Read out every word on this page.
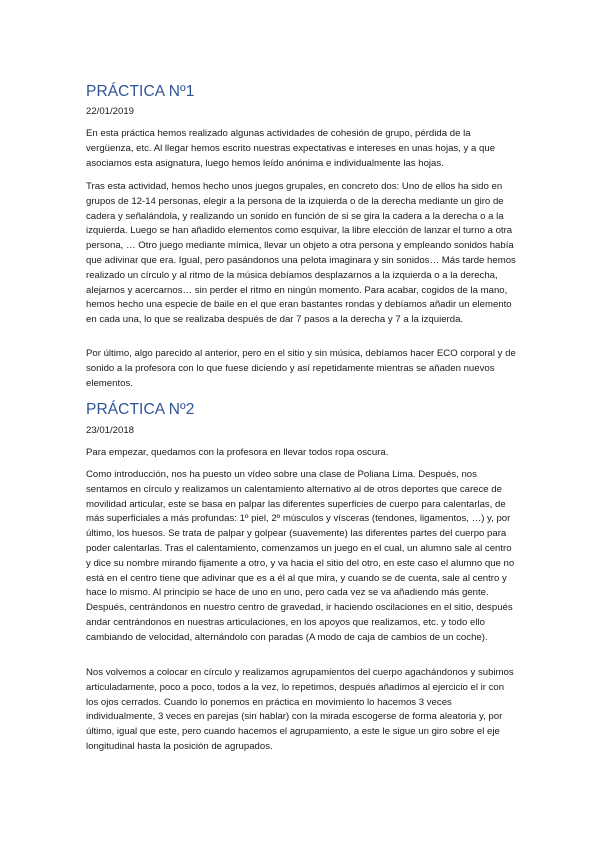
PRÁCTICA Nº1

22/01/2019

En esta práctica hemos realizado algunas actividades de cohesión de grupo, pérdida de la vergüenza, etc. Al llegar hemos escrito nuestras expectativas e intereses en unas hojas, y a que asociamos esta asignatura, luego hemos leído anónima e individualmente las hojas.

Tras esta actividad, hemos hecho unos juegos grupales, en concreto dos: Uno de ellos ha sido en grupos de 12-14 personas, elegir a la persona de la izquierda o de la derecha mediante un giro de cadera y señalándola, y realizando un sonido en función de si se gira la cadera a la derecha o a la izquierda. Luego se han añadido elementos como esquivar, la libre elección de lanzar el turno a otra persona, … Otro juego mediante mímica, llevar un objeto a otra persona y empleando sonidos había que adivinar que era. Igual, pero pasándonos una pelota imaginara y sin sonidos… Más tarde hemos realizado un círculo y al ritmo de la música debíamos desplazarnos a la izquierda o a la derecha, alejarnos y acercarnos… sin perder el ritmo en ningún momento. Para acabar, cogidos de la mano, hemos hecho una especie de baile en el que eran bastantes rondas y debíamos añadir un elemento en cada una, lo que se realizaba después de dar 7 pasos a la derecha y 7 a la izquierda.

Por último, algo parecido al anterior, pero en el sitio y sin música, debíamos hacer ECO corporal y de sonido a la profesora con lo que fuese diciendo y así repetidamente mientras se añaden nuevos elementos.

PRÁCTICA Nº2

23/01/2018

Para empezar, quedamos con la profesora en llevar todos ropa oscura.

Como introducción, nos ha puesto un vídeo sobre una clase de Poliana Lima. Después, nos sentamos en círculo y realizamos un calentamiento alternativo al de otros deportes que carece de movilidad articular, este se basa en palpar las diferentes superficies de cuerpo para calentarlas, de más superficiales a más profundas: 1º piel, 2º músculos y vísceras (tendones, ligamentos, …) y, por último, los huesos. Se trata de palpar y golpear (suavemente) las diferentes partes del cuerpo para poder calentarlas. Tras el calentamiento, comenzamos un juego en el cual, un alumno sale al centro y dice su nombre mirando fijamente a otro, y va hacia el sitio del otro, en este caso el alumno que no está en el centro tiene que adivinar que es a él al que mira, y cuando se de cuenta, sale al centro y hace lo mismo. Al principio se hace de uno en uno, pero cada vez se va añadiendo más gente. Después, centrándonos en nuestro centro de gravedad, ir haciendo oscilaciones en el sitio, después andar centrándonos en nuestras articulaciones, en los apoyos que realizamos, etc. y todo ello cambiando de velocidad, alternándolo con paradas (A modo de caja de cambios de un coche).

Nos volvemos a colocar en círculo y realizamos agrupamientos del cuerpo agachándonos y subimos articuladamente, poco a poco, todos a la vez, lo repetimos, después añadimos al ejercicio el ir con los ojos cerrados. Cuando lo ponemos en práctica en movimiento lo hacemos 3 veces individualmente, 3 veces en parejas (sin hablar) con la mirada escogerse de forma aleatoria y, por último, igual que este, pero cuando hacemos el agrupamiento, a este le sigue un giro sobre el eje longitudinal hasta la posición de agrupados.
